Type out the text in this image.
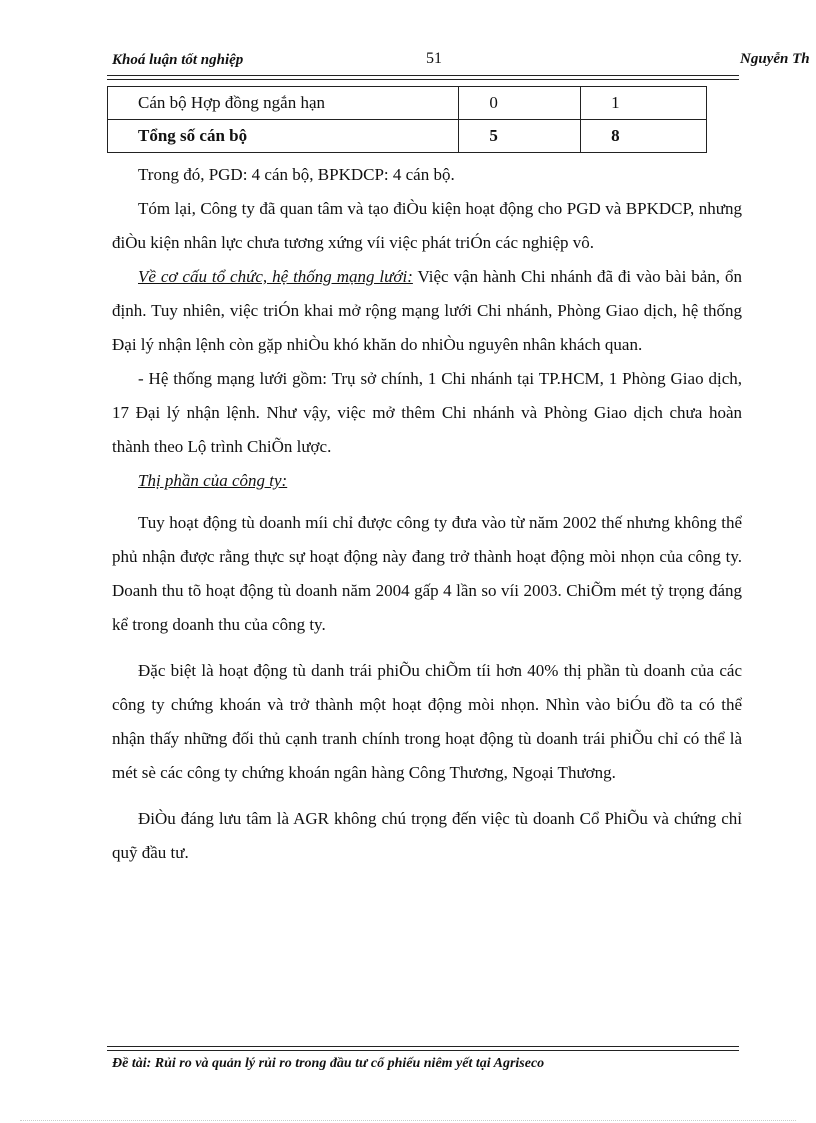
Khoá luận tốt nghiệp	51	Nguyễn Th
Cán bộ Hợp đồng ngắn hạn	0	1
Tổng số cán bộ	5	8

Trong đó, PGD: 4 cán bộ, BPKDCP: 4 cán bộ.

Tóm lại, Công ty đã quan tâm và tạo điÒu kiện hoạt động cho PGD và BPKDCP, nhưng điÒu kiện nhân lực chưa tương xứng víi việc phát triÓn các nghiệp vô.

Về cơ cấu tổ chức, hệ thống mạng lưới: Việc vận hành Chi nhánh đã đi vào bài bản, ổn định. Tuy nhiên, việc triÓn khai mở rộng mạng lưới Chi nhánh, Phòng Giao dịch, hệ thống Đại lý nhận lệnh còn gặp nhiÒu khó khăn do nhiÒu nguyên nhân khách quan.

- Hệ thống mạng lưới gồm: Trụ sở chính, 1 Chi nhánh tại TP.HCM, 1 Phòng Giao dịch, 17 Đại lý nhận lệnh. Như vậy, việc mở thêm Chi nhánh và Phòng Giao dịch chưa hoàn thành theo Lộ trình ChiÕn lược.

Thị phần của công ty:

Tuy hoạt động tù doanh míi chỉ được công ty đưa vào từ năm 2002 thế nhưng không thể phủ nhận được rằng thực sự hoạt động này đang trở thành hoạt động mòi nhọn của công ty. Doanh thu tõ hoạt động tù doanh năm 2004 gấp 4 lần so víi 2003. ChiÕm mét tỷ trọng đáng kể trong doanh thu của công ty.

Đặc biệt là hoạt động tù danh trái phiÕu chiÕm tíi hơn 40% thị phần tù doanh của các công ty chứng khoán và trở thành một hoạt động mòi nhọn. Nhìn vào biÓu đồ ta có thể nhận thấy những đối thủ cạnh tranh chính trong hoạt động tù doanh trái phiÕu chỉ có thể là mét sè các công ty chứng khoán ngân hàng Công Thương, Ngoại Thương.

ĐiÒu đáng lưu tâm là AGR không chú trọng đến việc tù doanh Cổ PhiÕu và chứng chỉ quỹ đầu tư.

Đề tài: Rủi ro và quản lý rủi ro trong đầu tư cổ phiếu niêm yết tại Agriseco
